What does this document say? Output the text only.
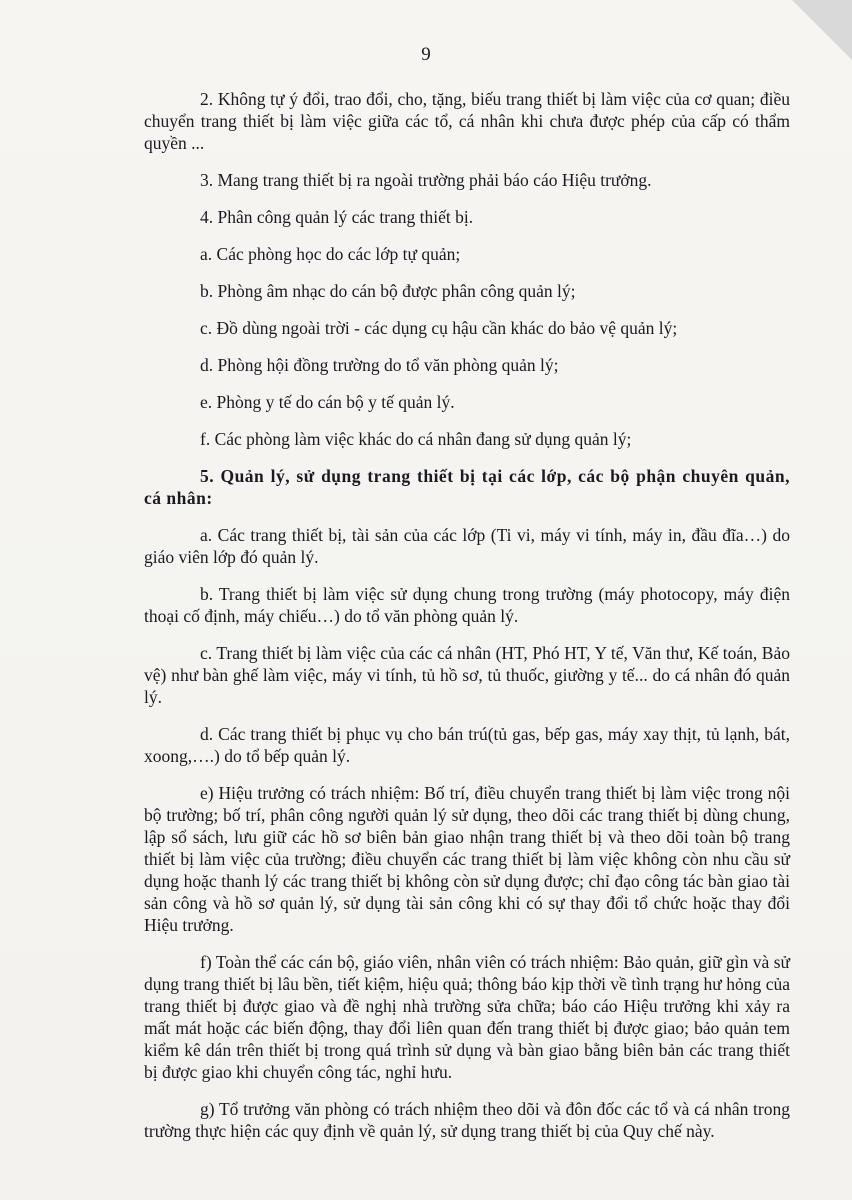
9

2. Không tự ý đổi, trao đổi, cho, tặng, biếu trang thiết bị làm việc của cơ quan; điều chuyển trang thiết bị làm việc giữa các tổ, cá nhân khi chưa được phép của cấp có thẩm quyền ...

3. Mang trang thiết bị ra ngoài trường phải báo cáo Hiệu trưởng.

4. Phân công quản lý các trang thiết bị.

a. Các phòng học do các lớp tự quản;

b. Phòng âm nhạc do cán bộ được phân công quản lý;

c. Đồ dùng ngoài trời - các dụng cụ hậu cần khác do bảo vệ quản lý;

d. Phòng hội đồng trường do tổ văn phòng quản lý;

e. Phòng y tế do cán bộ y tế quản lý.

f. Các phòng làm việc khác do cá nhân đang sử dụng quản lý;

5. Quản lý, sử dụng trang thiết bị tại các lớp, các bộ phận chuyên quản, cá nhân:

a. Các trang thiết bị, tài sản của các lớp (Ti vi, máy vi tính, máy in, đầu đĩa…) do giáo viên lớp đó quản lý.

b. Trang thiết bị làm việc sử dụng chung trong trường (máy photocopy, máy điện thoại cố định, máy chiếu…) do tổ văn phòng quản lý.

c. Trang thiết bị làm việc của các cá nhân (HT, Phó HT, Y tế, Văn thư, Kế toán, Bảo vệ) như bàn ghế làm việc, máy vi tính, tủ hồ sơ, tủ thuốc, giường y tế... do cá nhân đó quản lý.

d. Các trang thiết bị phục vụ cho bán trú(tủ gas, bếp gas, máy xay thịt, tủ lạnh, bát, xoong,….) do tổ bếp quản lý.

e) Hiệu trưởng có trách nhiệm: Bố trí, điều chuyển trang thiết bị làm việc trong nội bộ trường; bố trí, phân công người quản lý sử dụng, theo dõi các trang thiết bị dùng chung, lập sổ sách, lưu giữ các hồ sơ biên bản giao nhận trang thiết bị và theo dõi toàn bộ trang thiết bị làm việc của trường; điều chuyển các trang thiết bị làm việc không còn nhu cầu sử dụng hoặc thanh lý các trang thiết bị không còn sử dụng được; chỉ đạo công tác bàn giao tài sản công và hồ sơ quản lý, sử dụng tài sản công khi có sự thay đổi tổ chức hoặc thay đổi Hiệu trưởng.

f) Toàn thể các cán bộ, giáo viên, nhân viên có trách nhiệm: Bảo quản, giữ gìn và sử dụng trang thiết bị lâu bền, tiết kiệm, hiệu quả; thông báo kịp thời về tình trạng hư hỏng của trang thiết bị được giao và đề nghị nhà trường sửa chữa; báo cáo Hiệu trưởng khi xảy ra mất mát hoặc các biến động, thay đổi liên quan đến trang thiết bị được giao; bảo quản tem kiểm kê dán trên thiết bị trong quá trình sử dụng và bàn giao bằng biên bản các trang thiết bị được giao khi chuyển công tác, nghỉ hưu.

g) Tổ trưởng văn phòng có trách nhiệm theo dõi và đôn đốc các tổ và cá nhân trong trường thực hiện các quy định về quản lý, sử dụng trang thiết bị của Quy chế này.
